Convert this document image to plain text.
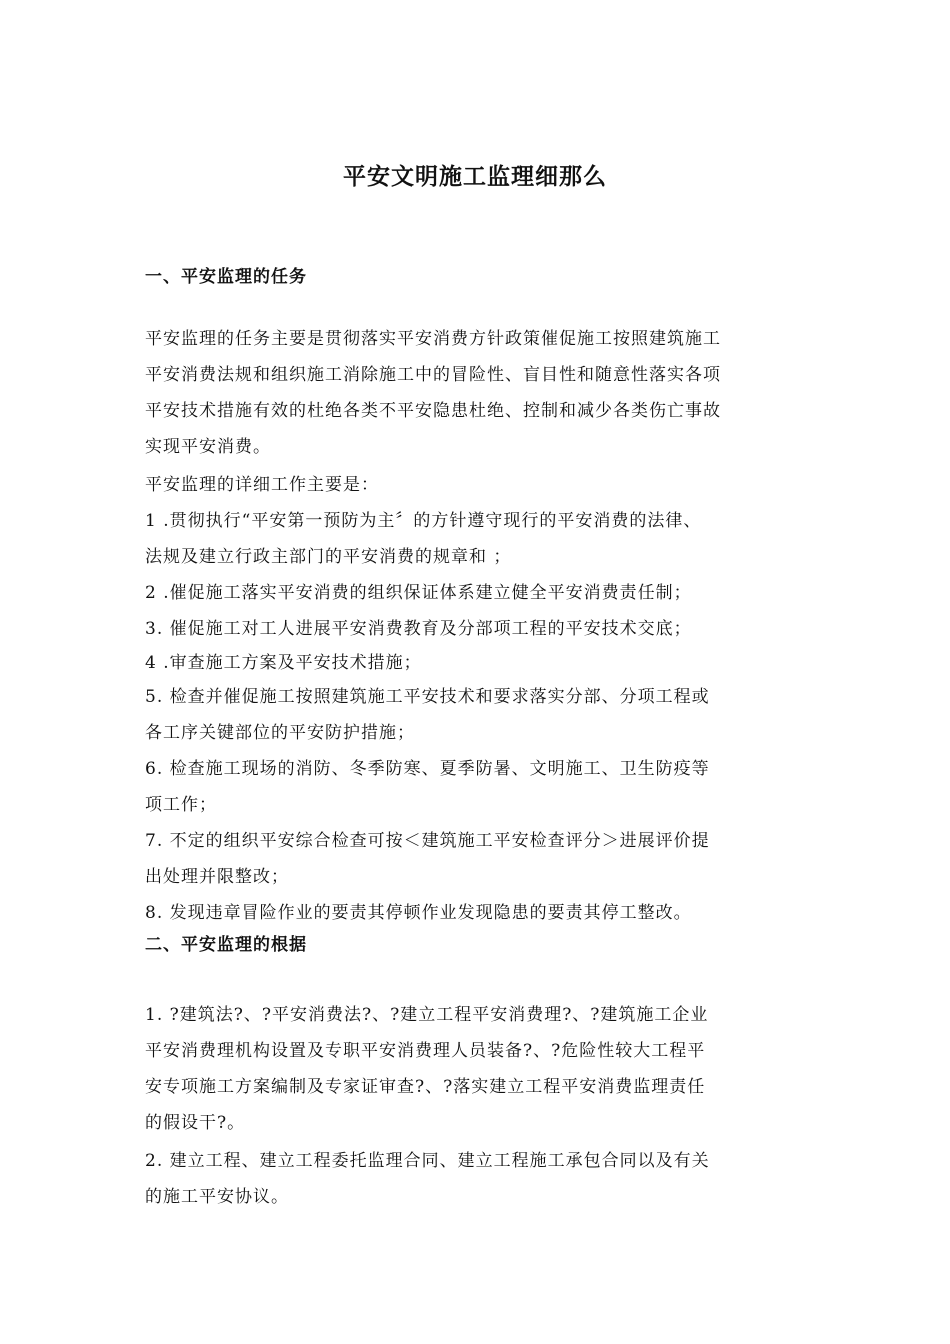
平安文明施工监理细那么
一、平安监理的任务
平安监理的任务主要是贯彻落实平安消费方针政策催促施工按照建筑施工
平安消费法规和组织施工消除施工中的冒险性、盲目性和随意性落实各项
平安技术措施有效的杜绝各类不平安隐患杜绝、控制和减少各类伤亡事故
实现平安消费。
平安监理的详细工作主要是：
1 .贯彻执行“平安第一预防为主〞的方针遵守现行的平安消费的法律、
法规及建立行政主部门的平安消费的规章和 ；
2 .催促施工落实平安消费的组织保证体系建立健全平安消费责任制；
3. 催促施工对工人进展平安消费教育及分部项工程的平安技术交底；
4 .审查施工方案及平安技术措施；
5. 检查并催促施工按照建筑施工平安技术和要求落实分部、分项工程或
各工序关键部位的平安防护措施；
6. 检查施工现场的消防、冬季防寒、夏季防暑、文明施工、卫生防疫等
项工作；
7. 不定的组织平安综合检查可按＜建筑施工平安检查评分＞进展评价提
出处理并限整改；
8. 发现违章冒险作业的要责其停顿作业发现隐患的要责其停工整改。
二、平安监理的根据
1. ?建筑法?、?平安消费法?、?建立工程平安消费理?、?建筑施工企业
平安消费理机构设置及专职平安消费理人员装备?、?危险性较大工程平
安专项施工方案编制及专家证审查?、?落实建立工程平安消费监理责任
的假设干?。
2. 建立工程、建立工程委托监理合同、建立工程施工承包合同以及有关
的施工平安协议。
